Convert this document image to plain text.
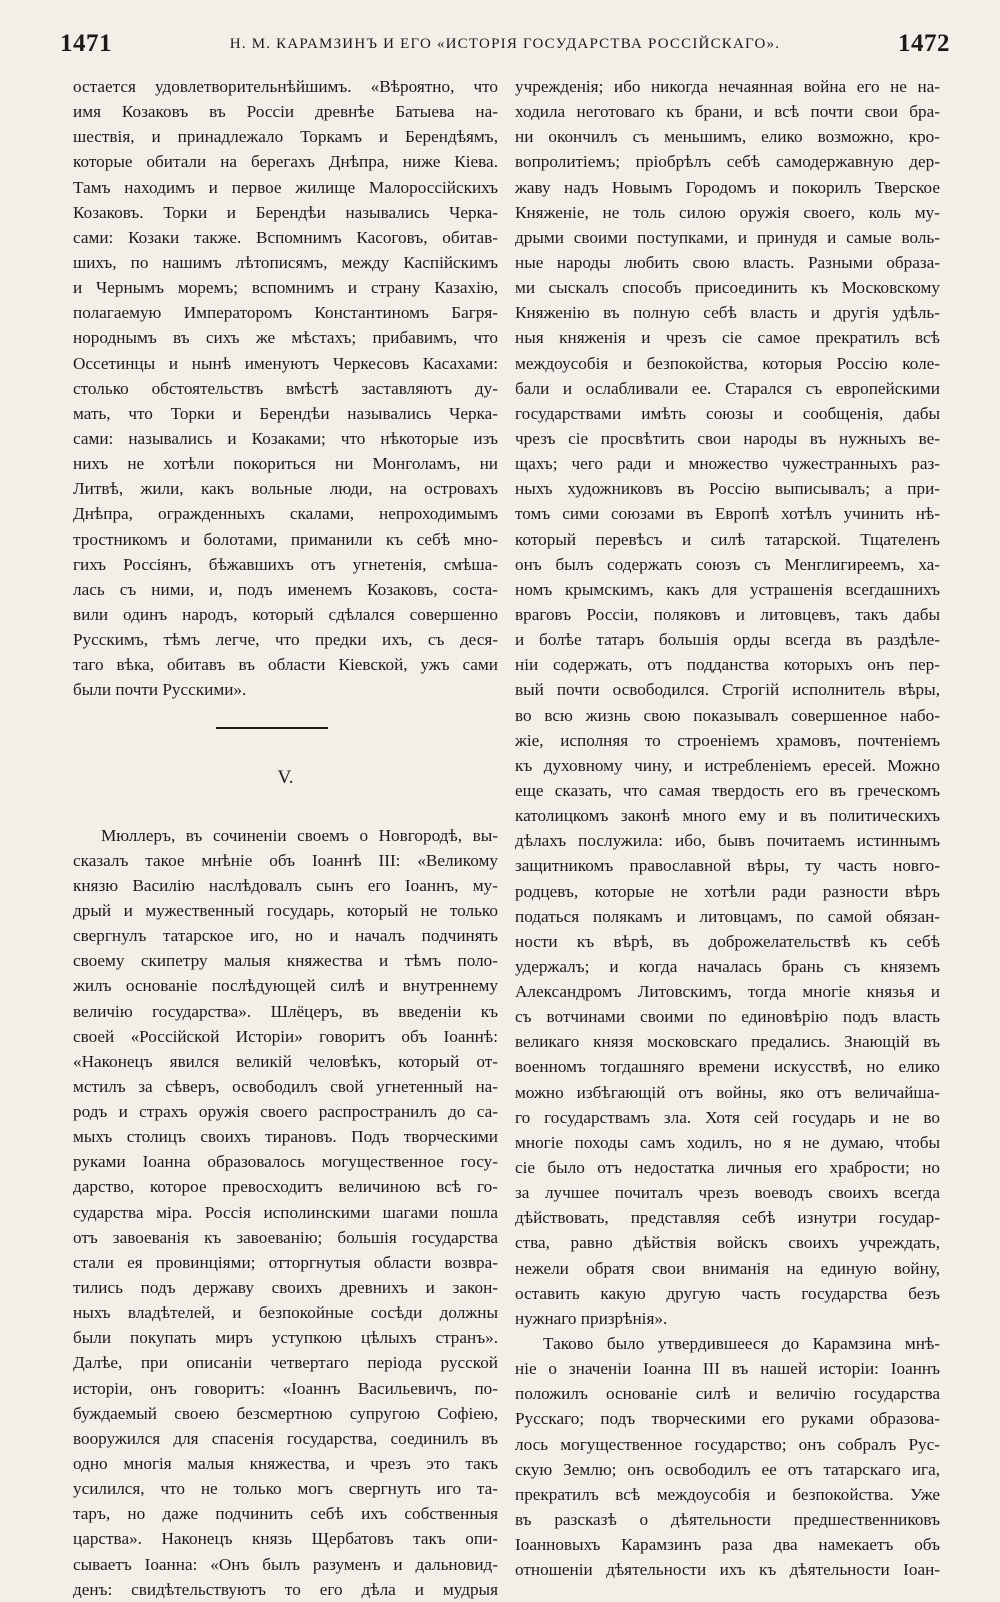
1471	Н. М. КАРАМЗИНЪ И ЕГО «ИСТОРІЯ ГОСУДАРСТВА РОССІЙСКАГО».	1472
остается удовлетворительнѣйшимъ. «Вѣроятно, что
имя Козаковъ въ Россіи древнѣе Батыева на-
шествія, и принадлежало Торкамъ и Берендѣямъ,
которые обитали на берегахъ Днѣпра, ниже Кіева.
Тамъ находимъ и первое жилище Малороссійскихъ
Козаковъ. Торки и Берендѣи назывались Черка-
сами: Козаки также. Вспомнимъ Касоговъ, обитав-
шихъ, по нашимъ лѣтописямъ, между Каспійскимъ
и Чернымъ моремъ; вспомнимъ и страну Казахію,
полагаемую Императоромъ Константиномъ Багря-
нороднымъ въ сихъ же мѣстахъ; прибавимъ, что
Оссетинцы и нынѣ именуютъ Черкесовъ Касахами:
столько обстоятельствъ вмѣстѣ заставляютъ ду-
мать, что Торки и Берендѣи назывались Черка-
сами: назывались и Козаками; что нѣкоторые изъ
нихъ не хотѣли покориться ни Монголамъ, ни
Литвѣ, жили, какъ вольные люди, на островахъ
Днѣпра, огражденныхъ скалами, непроходимымъ
тростникомъ и болотами, приманили къ себѣ мно-
гихъ Россіянъ, бѣжавшихъ отъ угнетенія, смѣша-
лась съ ними, и, подъ именемъ Козаковъ, соста-
вили одинъ народъ, который сдѣлался совершенно
Русскимъ, тѣмъ легче, что предки ихъ, съ деся-
таго вѣка, обитавъ въ области Кіевской, ужъ сами
были почти Русскими».
V.
Мюллеръ, въ сочиненіи своемъ о Новгородѣ, вы-
сказалъ такое мнѣніе объ Іоаннѣ III: «Великому
князю Василію наслѣдовалъ сынъ его Іоаннъ, му-
дрый и мужественный государь, который не только
свергнулъ татарское иго, но и началъ подчинять
своему скипетру малыя княжества и тѣмъ поло-
жилъ основаніе послѣдующей силѣ и внутреннему
величію государства». Шлёцеръ, въ введеніи къ
своей «Россійской Исторіи» говоритъ объ Іоаннѣ:
«Наконецъ явился великій человѣкъ, который от-
мстилъ за сѣверъ, освободилъ свой угнетенный на-
родъ и страхъ оружія своего распространилъ до са-
мыхъ столицъ своихъ тирановъ. Подъ творческими
руками Іоанна образовалось могущественное госу-
дарство, которое превосходитъ величиною всѣ го-
сударства міра. Россія исполинскими шагами пошла
отъ завоеванія къ завоеванію; большія государства
стали ея провинціями; отторгнутыя области возвра-
тились подъ державу своихъ древнихъ и закон-
ныхъ владѣтелей, и безпокойные сосѣди должны
были покупать миръ уступкою цѣлыхъ странъ».
Далѣе, при описаніи четвертаго періода русской
исторіи, онъ говоритъ: «Іоаннъ Васильевичъ, по-
буждаемый своею безсмертною супругою Софіею,
вооружился для спасенія государства, соединилъ въ
одно многія малыя княжества, и чрезъ это такъ
усилился, что не только могъ свергнуть иго та-
таръ, но даже подчинить себѣ ихъ собственныя
царства». Наконецъ князь Щербатовъ такъ опи-
сываетъ Іоанна: «Онъ былъ разуменъ и дальновид-
денъ: свидѣтельствуютъ то его дѣла и мудрыя
учрежденія; ибо никогда нечаянная война его не на-
ходила неготоваго къ брани, и всѣ почти свои бра-
ни окончилъ съ меньшимъ, елико возможно, кро-
вопролитіемъ; пріобрѣлъ себѣ самодержавную дер-
жаву надъ Новымъ Городомъ и покорилъ Тверское
Княженіе, не толь силою оружія своего, коль му-
дрыми своими поступками, и принудя и самые воль-
ные народы любить свою власть. Разными образа-
ми сыскалъ способъ присоединить къ Московскому
Княженію въ полную себѣ власть и другія удѣль-
ныя княженія и чрезъ сіе самое прекратилъ всѣ
междоусобія и безпокойства, которыя Россію коле-
бали и ослабливали ее. Старался съ европейскими
государствами имѣть союзы и сообщенія, дабы
чрезъ сіе просвѣтить свои народы въ нужныхъ ве-
щахъ; чего ради и множество чужестранныхъ раз-
ныхъ художниковъ въ Россію выписывалъ; а при-
томъ сими союзами въ Европѣ хотѣлъ учинить нѣ-
который перевѣсъ и силѣ татарской. Тщателенъ
онъ былъ содержать союзъ съ Менглигиреемъ, ха-
номъ крымскимъ, какъ для устрашенія всегдашнихъ
враговъ Россіи, поляковъ и литовцевъ, такъ дабы
и болѣе татаръ большія орды всегда въ раздѣле-
ніи содержать, отъ подданства которыхъ онъ пер-
вый почти освободился. Строгій исполнитель вѣры,
во всю жизнь свою показывалъ совершенное набо-
жіе, исполняя то строеніемъ храмовъ, почтеніемъ
къ духовному чину, и истребленіемъ ересей. Можно
еще сказать, что самая твердость его въ греческомъ
католицкомъ законѣ много ему и въ политическихъ
дѣлахъ послужила: ибо, бывъ почитаемъ истиннымъ
защитникомъ православной вѣры, ту часть новго-
родцевъ, которые не хотѣли ради разности вѣръ
податься полякамъ и литовцамъ, по самой обязан-
ности къ вѣрѣ, въ доброжелательствѣ къ себѣ
удержалъ; и когда началась брань съ княземъ
Александромъ Литовскимъ, тогда многіе князья и
съ вотчинами своими по единовѣрію подъ власть
великаго князя московскаго предались. Знающій въ
военномъ тогдашняго времени искусствѣ, но елико
можно избѣгающій отъ войны, яко отъ величайша-
го государствамъ зла. Хотя сей государь и не во
многіе походы самъ ходилъ, но я не думаю, чтобы
сіе было отъ недостатка личныя его храбрости; но
за лучшее почиталъ чрезъ воеводъ своихъ всегда
дѣйствовать, представляя себѣ изнутри государ-
ства, равно дѣйствія войскъ своихъ учреждать,
нежели обратя свои вниманія на единую войну,
оставить какую другую часть государства безъ
нужнаго призрѣнія».
Таково было утвердившееся до Карамзина мнѣ-
ніе о значеніи Іоанна III въ нашей исторіи: Іоаннъ
положилъ основаніе силѣ и величію государства
Русскаго; подъ творческими его руками образова-
лось могущественное государство; онъ собралъ Рус-
скую Землю; онъ освободилъ ее отъ татарскаго ига,
прекратилъ всѣ междоусобія и безпокойства. Уже
въ разсказѣ о дѣятельности предшественниковъ
Іоанновыхъ Карамзинъ раза два намекаетъ объ
отношеніи дѣятельности ихъ къ дѣятельности Іоан-
